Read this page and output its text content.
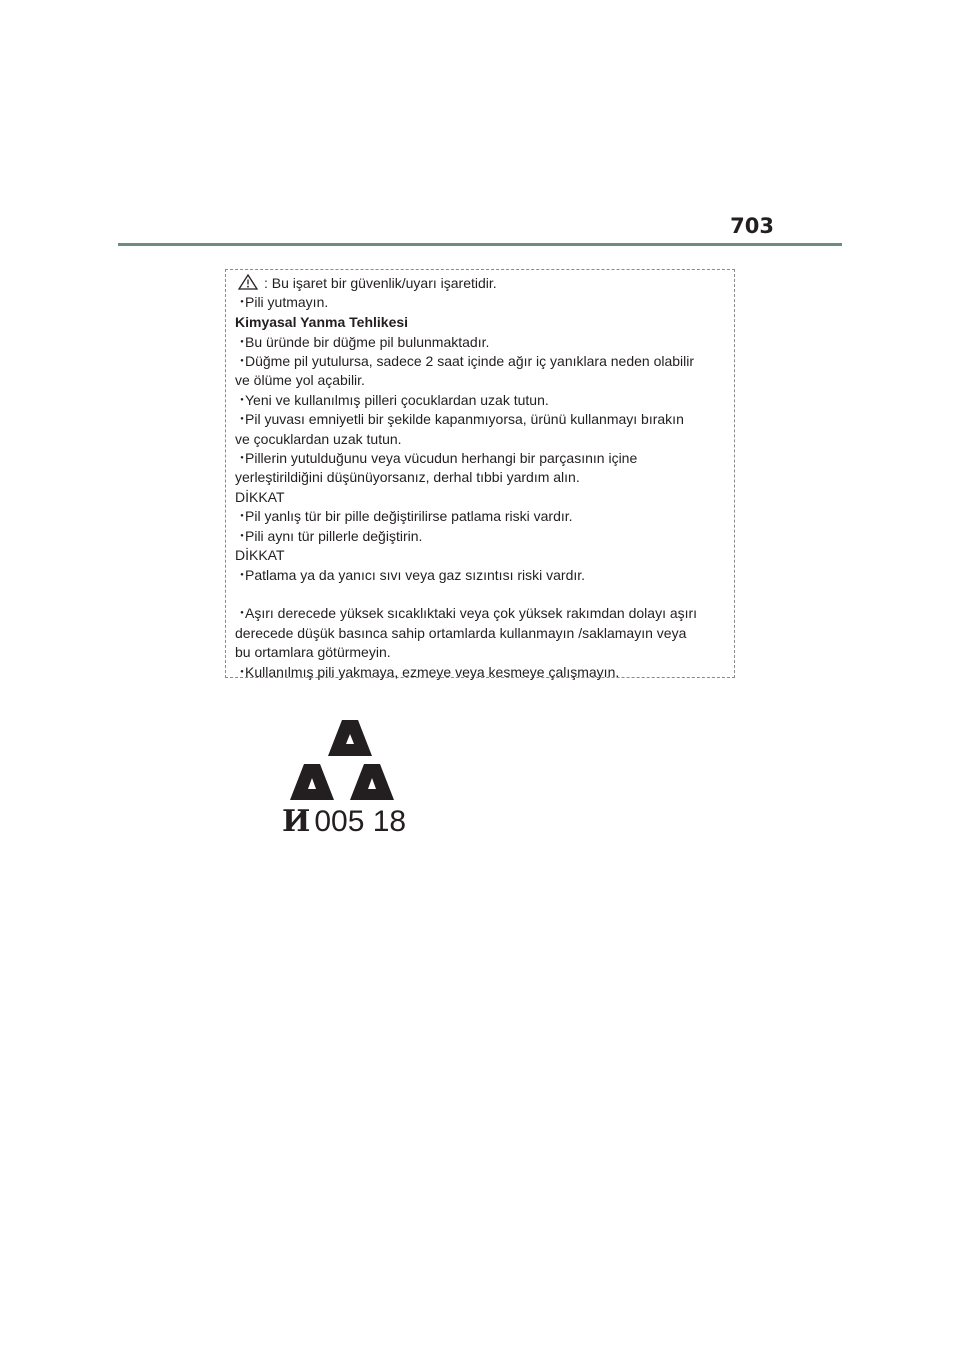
703
: Bu işaret bir güvenlik/uyarı işaretidir.
・Pili yutmayın.
Kimyasal Yanma Tehlikesi
・Bu üründe bir düğme pil bulunmaktadır.
・Düğme pil yutulursa, sadece 2 saat içinde ağır iç yanıklara neden olabilir
ve ölüme yol açabilir.
・Yeni ve kullanılmış pilleri çocuklardan uzak tutun.
・Pil yuvası emniyetli bir şekilde kapanmıyorsa, ürünü kullanmayı bırakın
ve çocuklardan uzak tutun.
・Pillerin yutulduğunu veya vücudun herhangi bir parçasının içine
yerleştirildiğini düşünüyorsanız, derhal tıbbi yardım alın.
DİKKAT
・Pil yanlış tür bir pille değiştirilirse patlama riski vardır.
・Pili aynı tür pillerle değiştirin.
DİKKAT
・Patlama ya da yanıcı sıvı veya gaz sızıntısı riski vardır.
・Aşırı derecede yüksek sıcaklıktaki veya çok yüksek rakımdan dolayı aşırı
derecede düşük basınca sahip ortamlarda kullanmayın /saklamayın veya
bu ortamlara götürmeyin.
・Kullanılmış pili yakmaya, ezmeye veya kesmeye çalışmayın.
И 005 18
